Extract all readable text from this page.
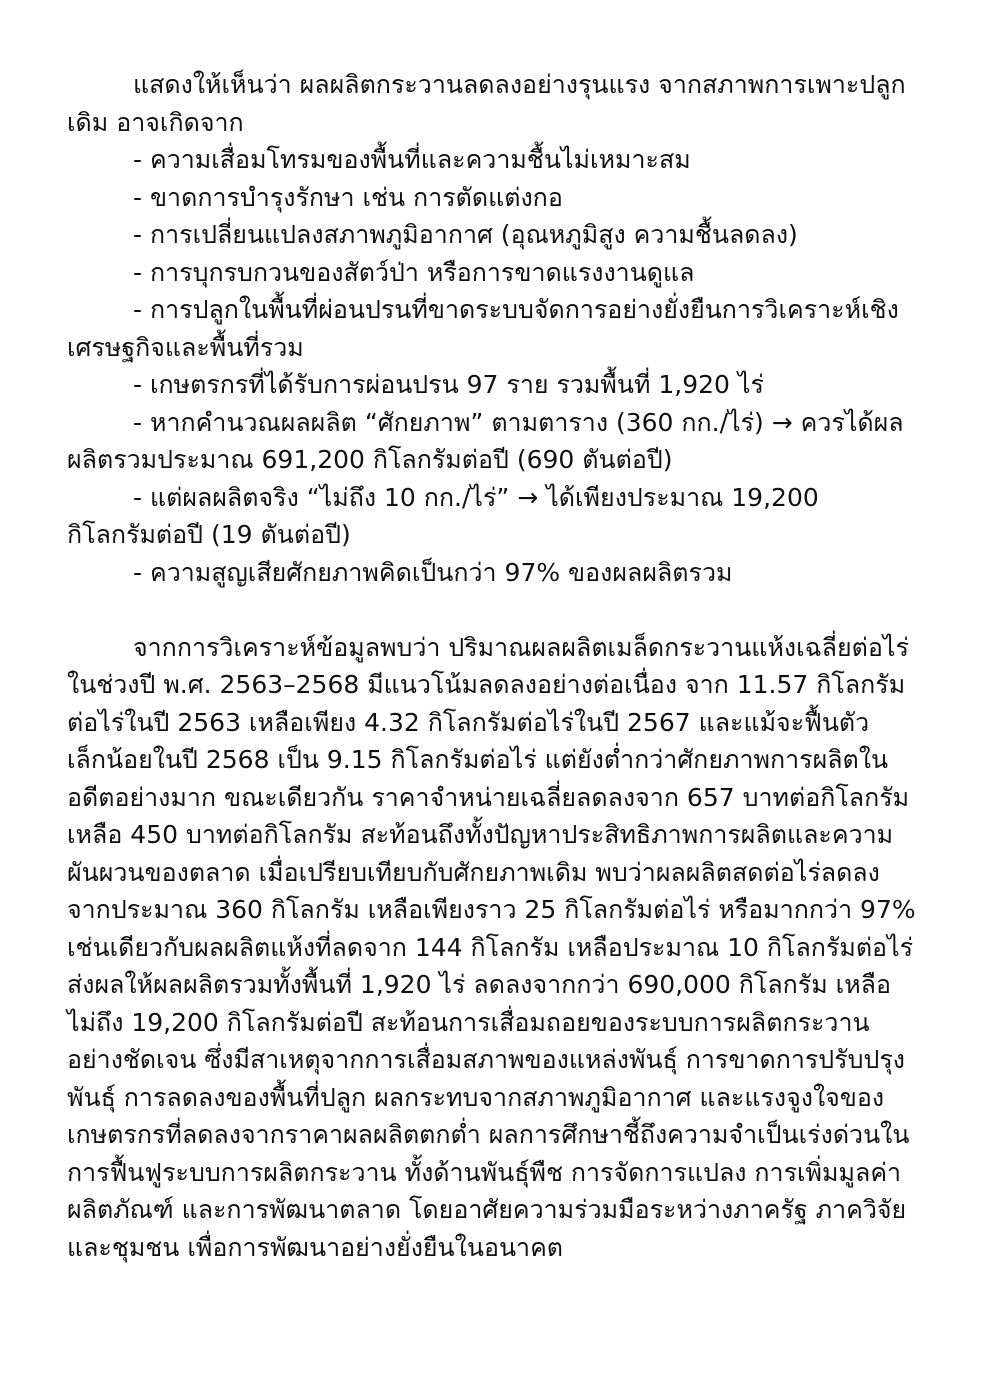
แสดงให้เห็นว่า ผลผลิตกระวานลดลงอย่างรุนแรง จากสภาพการเพาะปลูก
เดิม อาจเกิดจาก
- ความเสื่อมโทรมของพื้นที่และความชื้นไม่เหมาะสม
- ขาดการบำรุงรักษา เช่น การตัดแต่งกอ
- การเปลี่ยนแปลงสภาพภูมิอากาศ (อุณหภูมิสูง ความชื้นลดลง)
- การบุกรบกวนของสัตว์ป่า หรือการขาดแรงงานดูแล
- การปลูกในพื้นที่ผ่อนปรนที่ขาดระบบจัดการอย่างยั่งยืนการวิเคราะห์เชิง
เศรษฐกิจและพื้นที่รวม
- เกษตรกรที่ได้รับการผ่อนปรน 97 ราย รวมพื้นที่ 1,920 ไร่
- หากคำนวณผลผลิต “ศักยภาพ” ตามตาราง (360 กก./ไร่) → ควรได้ผล
ผลิตรวมประมาณ 691,200 กิโลกรัมต่อปี (690 ตันต่อปี)
- แต่ผลผลิตจริง “ไม่ถึง 10 กก./ไร่” → ได้เพียงประมาณ 19,200
กิโลกรัมต่อปี (19 ตันต่อปี)
- ความสูญเสียศักยภาพคิดเป็นกว่า 97% ของผลผลิตรวม
จากการวิเคราะห์ข้อมูลพบว่า ปริมาณผลผลิตเมล็ดกระวานแห้งเฉลี่ยต่อไร่
ในช่วงปี พ.ศ. 2563–2568 มีแนวโน้มลดลงอย่างต่อเนื่อง จาก 11.57 กิโลกรัม
ต่อไร่ในปี 2563 เหลือเพียง 4.32 กิโลกรัมต่อไร่ในปี 2567 และแม้จะฟื้นตัว
เล็กน้อยในปี 2568 เป็น 9.15 กิโลกรัมต่อไร่ แต่ยังต่ำกว่าศักยภาพการผลิตใน
อดีตอย่างมาก ขณะเดียวกัน ราคาจำหน่ายเฉลี่ยลดลงจาก 657 บาทต่อกิโลกรัม
เหลือ 450 บาทต่อกิโลกรัม สะท้อนถึงทั้งปัญหาประสิทธิภาพการผลิตและความ
ผันผวนของตลาด เมื่อเปรียบเทียบกับศักยภาพเดิม พบว่าผลผลิตสดต่อไร่ลดลง
จากประมาณ 360 กิโลกรัม เหลือเพียงราว 25 กิโลกรัมต่อไร่ หรือมากกว่า 97%
เช่นเดียวกับผลผลิตแห้งที่ลดจาก 144 กิโลกรัม เหลือประมาณ 10 กิโลกรัมต่อไร่
ส่งผลให้ผลผลิตรวมทั้งพื้นที่ 1,920 ไร่ ลดลงจากกว่า 690,000 กิโลกรัม เหลือ
ไม่ถึง 19,200 กิโลกรัมต่อปี สะท้อนการเสื่อมถอยของระบบการผลิตกระวาน
อย่างชัดเจน ซึ่งมีสาเหตุจากการเสื่อมสภาพของแหล่งพันธุ์ การขาดการปรับปรุง
พันธุ์ การลดลงของพื้นที่ปลูก ผลกระทบจากสภาพภูมิอากาศ และแรงจูงใจของ
เกษตรกรที่ลดลงจากราคาผลผลิตตกต่ำ ผลการศึกษาชี้ถึงความจำเป็นเร่งด่วนใน
การฟื้นฟูระบบการผลิตกระวาน ทั้งด้านพันธุ์พืช การจัดการแปลง การเพิ่มมูลค่า
ผลิตภัณฑ์ และการพัฒนาตลาด โดยอาศัยความร่วมมือระหว่างภาครัฐ ภาควิจัย
และชุมชน เพื่อการพัฒนาอย่างยั่งยืนในอนาคต
